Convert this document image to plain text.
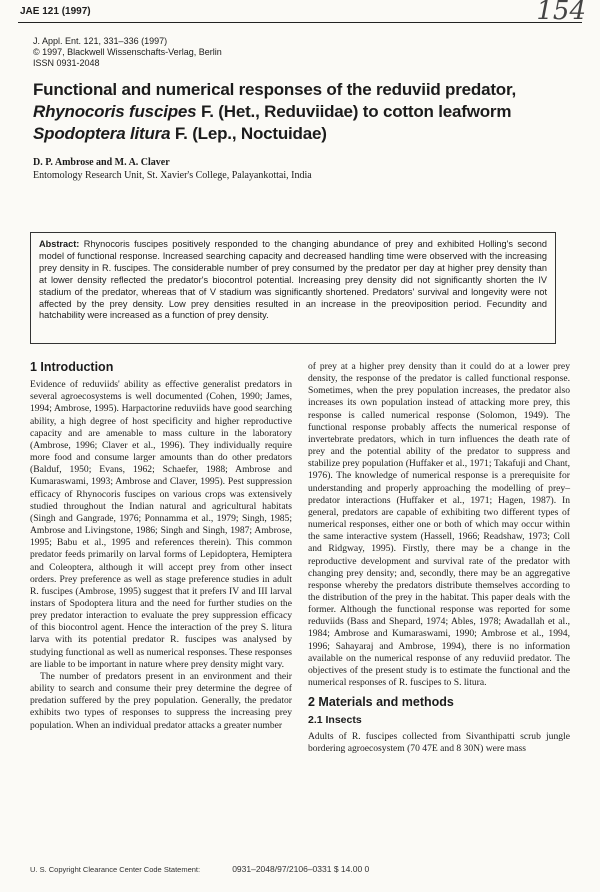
JAE 121 (1997)	154
J. Appl. Ent. 121, 331–336 (1997)
© 1997, Blackwell Wissenschafts-Verlag, Berlin
ISSN 0931-2048
Functional and numerical responses of the reduviid predator,
Rhynocoris fuscipes F. (Het., Reduviidae) to cotton leafworm
Spodoptera litura F. (Lep., Noctuidae)
D. P. Ambrose and M. A. Claver
Entomology Research Unit, St. Xavier's College, Palayankottai, India
Abstract: Rhynocoris fuscipes positively responded to the changing abundance of prey and exhibited Holling's second model of functional response. Increased searching capacity and decreased handling time were observed with the increasing prey density in R. fuscipes. The considerable number of prey consumed by the predator per day at higher prey density than at lower density reflected the predator's biocontrol potential. Increasing prey density did not significantly shorten the IV stadium of the predator, whereas that of V stadium was significantly shortened. Predators' survival and longevity were not affected by the prey density. Low prey densities resulted in an increase in the preoviposition period. Fecundity and hatchability were increased as a function of prey density.
1 Introduction

Evidence of reduviids' ability as effective generalist predators in several agroecosystems is well documented (Cohen, 1990; James, 1994; Ambrose, 1995). Harpactorine reduviids have good searching ability, a high degree of host specificity and higher reproductive capacity and are amenable to mass culture in the laboratory (Ambrose, 1996; Claver et al., 1996). They individually require more food and consume larger amounts than do other predators (Balduf, 1950; Evans, 1962; Schaefer, 1988; Ambrose and Kumaraswami, 1993; Ambrose and Claver, 1995). Pest suppression efficacy of Rhynocoris fuscipes on various crops was extensively studied throughout the Indian natural and agricultural habitats (Singh and Gangrade, 1976; Ponnamma et al., 1979; Singh, 1985; Ambrose and Livingstone, 1986; Singh and Singh, 1987; Ambrose, 1995; Babu et al., 1995 and references therein). This common predator feeds primarily on larval forms of Lepidoptera, Hemiptera and Coleoptera, although it will accept prey from other insect orders. Prey preference as well as stage preference studies in adult R. fuscipes (Ambrose, 1995) suggest that it prefers IV and III larval instars of Spodoptera litura and the need for further studies on the prey predator interaction to evaluate the prey suppression efficacy of this biocontrol agent. Hence the interaction of the prey S. litura larva with its potential predator R. fuscipes was analysed by studying functional as well as numerical responses. These responses are liable to be important in nature where prey density might vary.

The number of predators present in an environment and their ability to search and consume their prey determine the degree of predation suffered by the prey population. Generally, the predator exhibits two types of responses to suppress the increasing prey population. When an individual predator attacks a greater number

of prey at a higher prey density than it could do at a lower prey density, the response of the predator is called functional response. Sometimes, when the prey population increases, the predator also increases its own population instead of attacking more prey, this response is called numerical response (Solomon, 1949). The functional response probably affects the numerical response of invertebrate predators, which in turn influences the death rate of prey and the potential ability of the predator to suppress and stabilize prey population (Huffaker et al., 1971; Takafuji and Chant, 1976). The knowledge of numerical response is a prerequisite for understanding and properly approaching the modelling of prey–predator interactions (Huffaker et al., 1971; Hagen, 1987). In general, predators are capable of exhibiting two different types of numerical responses, either one or both of which may occur within the same interactive system (Hassell, 1966; Readshaw, 1973; Coll and Ridgway, 1995). Firstly, there may be a change in the reproductive development and survival rate of the predator with changing prey density; and, secondly, there may be an aggregative response whereby the predators distribute themselves according to the distribution of the prey in the habitat. This paper deals with the former. Although the functional response was reported for some reduviids (Bass and Shepard, 1974; Ables, 1978; Awadallah et al., 1984; Ambrose and Kumaraswami, 1990; Ambrose et al., 1994, 1996; Sahayaraj and Ambrose, 1994), there is no information available on the numerical response of any reduviid predator. The objectives of the present study is to estimate the functional and the numerical responses of R. fuscipes to S. litura.

2 Materials and methods
2.1 Insects

Adults of R. fuscipes collected from Sivanthipatti scrub jungle bordering agroecosystem (70 47E and 8 30N) were mass

U. S. Copyright Clearance Center Code Statement:	0931–2048/97/2106–0331 $ 14.00 0
